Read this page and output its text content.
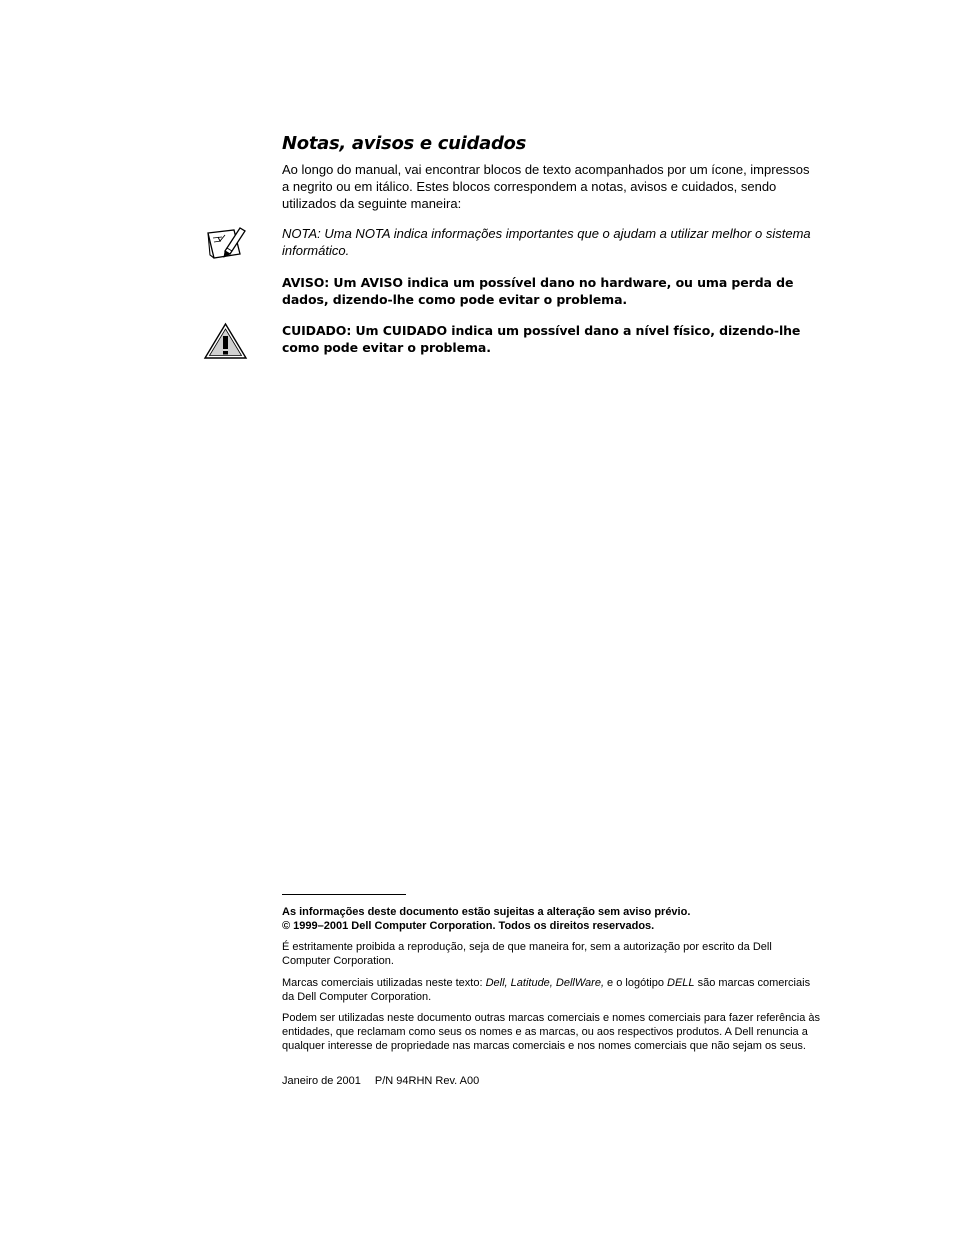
Notas, avisos e cuidados

Ao longo do manual, vai encontrar blocos de texto acompanhados por um ícone, impressos a negrito ou em itálico. Estes blocos correspondem a notas, avisos e cuidados, sendo utilizados da seguinte maneira:

NOTA: Uma NOTA indica informações importantes que o ajudam a utilizar melhor o sistema informático.

AVISO: Um AVISO indica um possível dano no hardware, ou uma perda de dados, dizendo-lhe como pode evitar o problema.

CUIDADO: Um CUIDADO indica um possível dano a nível físico, dizendo-lhe como pode evitar o problema.

As informações deste documento estão sujeitas a alteração sem aviso prévio.

© 1999–2001 Dell Computer Corporation. Todos os direitos reservados.

É estritamente proibida a reprodução, seja de que maneira for, sem a autorização por escrito da Dell Computer Corporation.

Marcas comerciais utilizadas neste texto: Dell, Latitude, DellWare, e o logótipo DELL são marcas comerciais da Dell Computer Corporation.

Podem ser utilizadas neste documento outras marcas comerciais e nomes comerciais para fazer referência às entidades, que reclamam como seus os nomes e as marcas, ou aos respectivos produtos. A Dell renuncia a qualquer interesse de propriedade nas marcas comerciais e nos nomes comerciais que não sejam os seus.

Janeiro de 2001 P/N 94RHN Rev. A00
